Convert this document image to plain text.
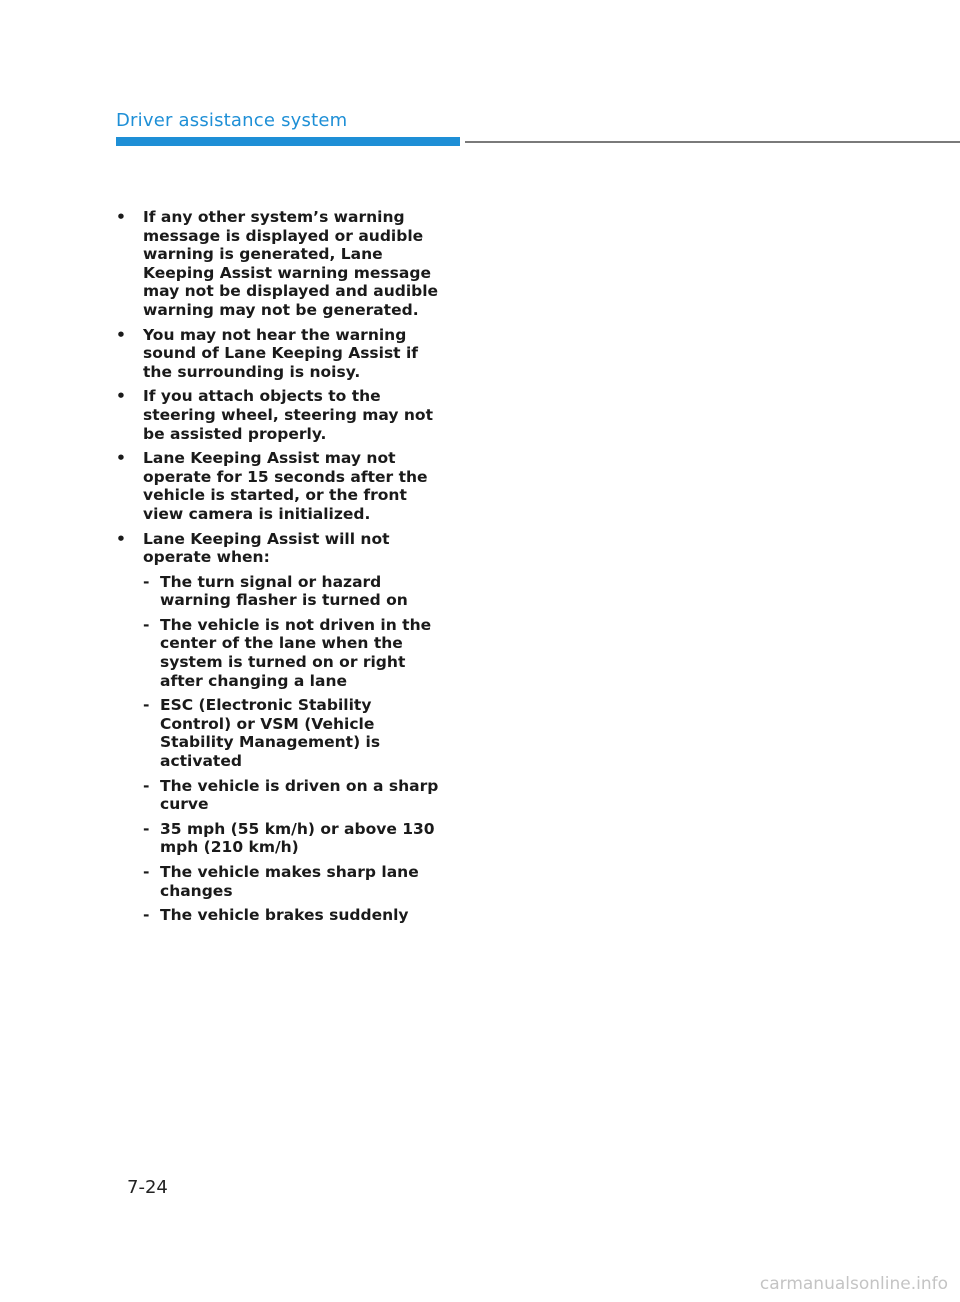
Driver assistance system
• If any other system’s warning message is displayed or audible warning is generated, Lane Keeping Assist warning message may not be displayed and audible warning may not be generated.
• You may not hear the warning sound of Lane Keeping Assist if the surrounding is noisy.
• If you attach objects to the steering wheel, steering may not be assisted properly.
• Lane Keeping Assist may not operate for 15 seconds after the vehicle is started, or the front view camera is initialized.
• Lane Keeping Assist will not operate when:
- The turn signal or hazard warning flasher is turned on
- The vehicle is not driven in the center of the lane when the system is turned on or right after changing a lane
- ESC (Electronic Stability Control) or VSM (Vehicle Stability Management) is activated
- The vehicle is driven on a sharp curve
- 35 mph (55 km/h) or above 130 mph (210 km/h)
- The vehicle makes sharp lane changes
- The vehicle brakes suddenly
7-24
carmanualsonline.info
